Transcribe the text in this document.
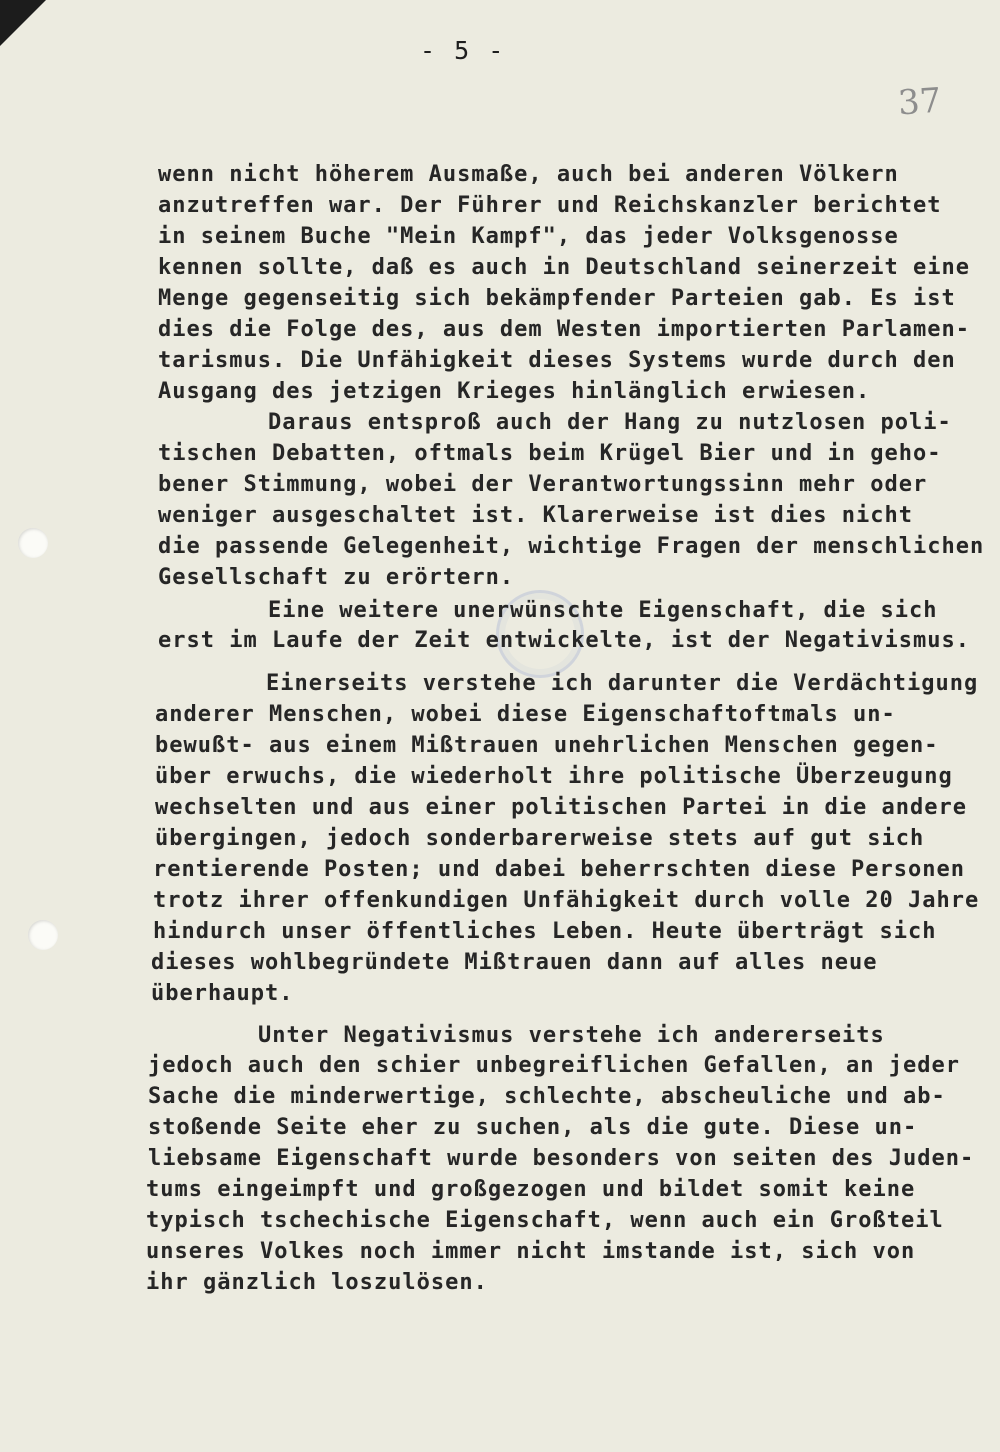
- 5 -
37
wenn nicht höherem Ausmaße, auch bei anderen Völkern
anzutreffen war. Der Führer und Reichskanzler berichtet
in seinem Buche "Mein Kampf", das jeder Volksgenosse
kennen sollte, daß es auch in Deutschland seinerzeit eine
Menge gegenseitig sich bekämpfender Parteien gab. Es ist
dies die Folge des, aus dem Westen importierten Parlamen-
tarismus. Die Unfähigkeit dieses Systems wurde durch den
Ausgang des jetzigen Krieges hinlänglich erwiesen.
Daraus entsproß auch der Hang zu nutzlosen poli-
tischen Debatten, oftmals beim Krügel Bier und in geho-
bener Stimmung, wobei der Verantwortungssinn mehr oder
weniger ausgeschaltet ist. Klarerweise ist dies nicht
die passende Gelegenheit, wichtige Fragen der menschlichen
Gesellschaft zu erörtern.
Eine weitere unerwünschte Eigenschaft, die sich
erst im Laufe der Zeit entwickelte, ist der Negativismus.
Einerseits verstehe ich darunter die Verdächtigung
anderer Menschen, wobei diese Eigenschaftoftmals un-
bewußt- aus einem Mißtrauen unehrlichen Menschen gegen-
über erwuchs, die wiederholt ihre politische Überzeugung
wechselten und aus einer politischen Partei in die andere
übergingen, jedoch sonderbarerweise stets auf gut sich
rentierende Posten; und dabei beherrschten diese Personen
trotz ihrer offenkundigen Unfähigkeit durch volle 20 Jahre
hindurch unser öffentliches Leben. Heute überträgt sich
dieses wohlbegründete Mißtrauen dann auf alles neue
überhaupt.
Unter Negativismus verstehe ich andererseits
jedoch auch den schier unbegreiflichen Gefallen, an jeder
Sache die minderwertige, schlechte, abscheuliche und ab-
stoßende Seite eher zu suchen, als die gute. Diese un-
liebsame Eigenschaft wurde besonders von seiten des Juden-
tums eingeimpft und großgezogen und bildet somit keine
typisch tschechische Eigenschaft, wenn auch ein Großteil
unseres Volkes noch immer nicht imstande ist, sich von
ihr gänzlich loszulösen.
